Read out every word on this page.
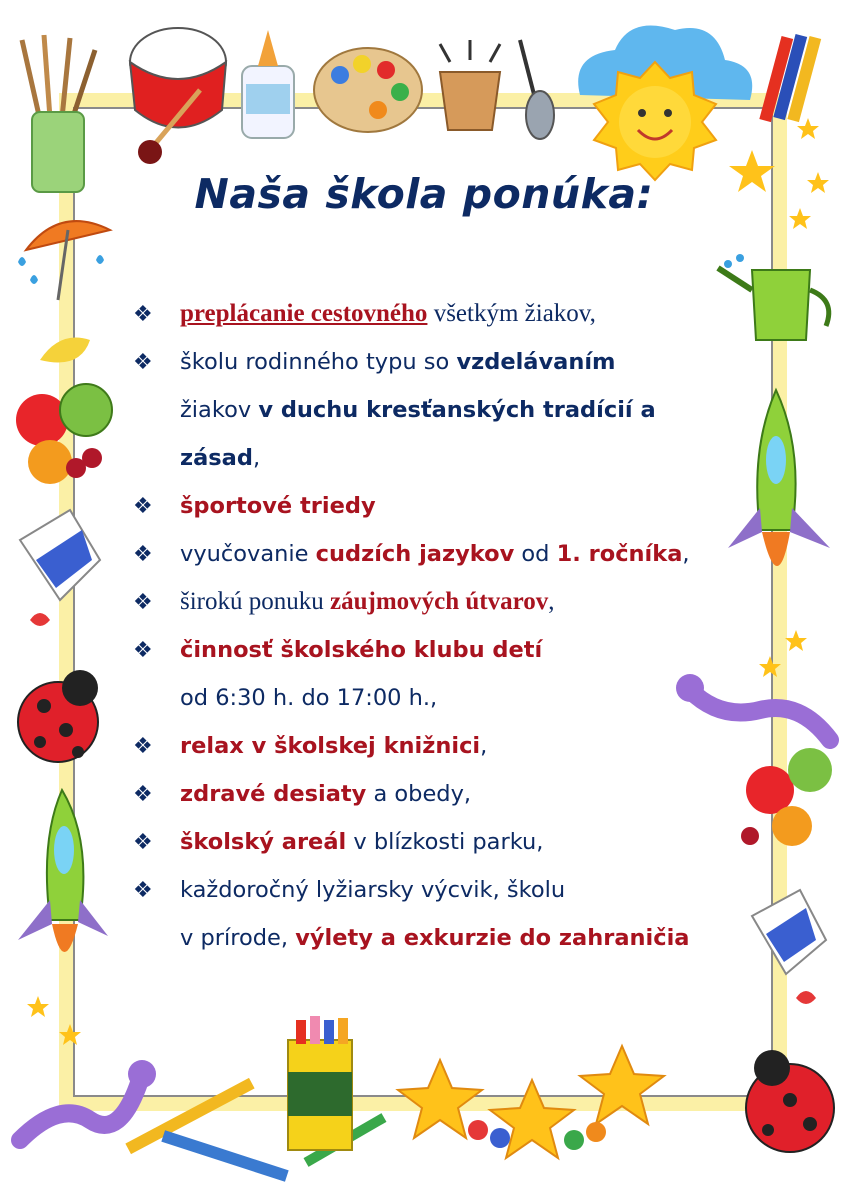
Naša škola ponúka:
❖ preplácanie cestovného všetkým žiakov,
❖ školu rodinného typu so vzdelávaním
žiakov v duchu kresťanských tradícií a
zásad,
❖ športové triedy
❖ vyučovanie cudzích jazykov od 1. ročníka,
❖ širokú ponuku záujmových útvarov,
❖ činnosť školského klubu detí
od 6:30 h. do 17:00 h.,
❖ relax v školskej knižnici,
❖ zdravé desiaty a obedy,
❖ školský areál v blízkosti parku,
❖ každoročný lyžiarsky výcvik, školu
v prírode, výlety a exkurzie do zahraničia
